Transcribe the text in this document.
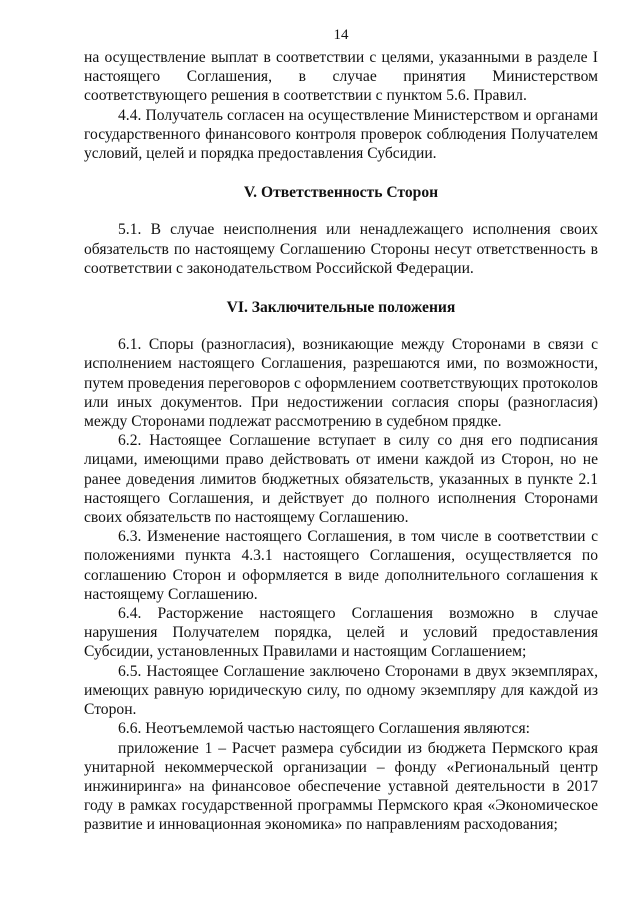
14

на осуществление выплат в соответствии с целями, указанными в разделе I настоящего Соглашения, в случае принятия Министерством соответствующего решения в соответствии с пунктом 5.6. Правил.

4.4. Получатель согласен на осуществление Министерством и органами государственного финансового контроля проверок соблюдения Получателем условий, целей и порядка предоставления Субсидии.

V. Ответственность Сторон

5.1. В случае неисполнения или ненадлежащего исполнения своих обязательств по настоящему Соглашению Стороны несут ответственность в соответствии с законодательством Российской Федерации.

VI. Заключительные положения

6.1. Споры (разногласия), возникающие между Сторонами в связи с исполнением настоящего Соглашения, разрешаются ими, по возможности, путем проведения переговоров с оформлением соответствующих протоколов или иных документов. При недостижении согласия споры (разногласия) между Сторонами подлежат рассмотрению в судебном прядке.

6.2. Настоящее Соглашение вступает в силу со дня его подписания лицами, имеющими право действовать от имени каждой из Сторон, но не ранее доведения лимитов бюджетных обязательств, указанных в пункте 2.1 настоящего Соглашения, и действует до полного исполнения Сторонами своих обязательств по настоящему Соглашению.

6.3. Изменение настоящего Соглашения, в том числе в соответствии с положениями пункта 4.3.1 настоящего Соглашения, осуществляется по соглашению Сторон и оформляется в виде дополнительного соглашения к настоящему Соглашению.

6.4. Расторжение настоящего Соглашения возможно в случае нарушения Получателем порядка, целей и условий предоставления Субсидии, установленных Правилами и настоящим Соглашением;

6.5. Настоящее Соглашение заключено Сторонами в двух экземплярах, имеющих равную юридическую силу, по одному экземпляру для каждой из Сторон.

6.6. Неотъемлемой частью настоящего Соглашения являются:

приложение 1 – Расчет размера субсидии из бюджета Пермского края унитарной некоммерческой организации – фонду «Региональный центр инжиниринга» на финансовое обеспечение уставной деятельности в 2017 году в рамках государственной программы Пермского края «Экономическое развитие и инновационная экономика» по направлениям расходования;
